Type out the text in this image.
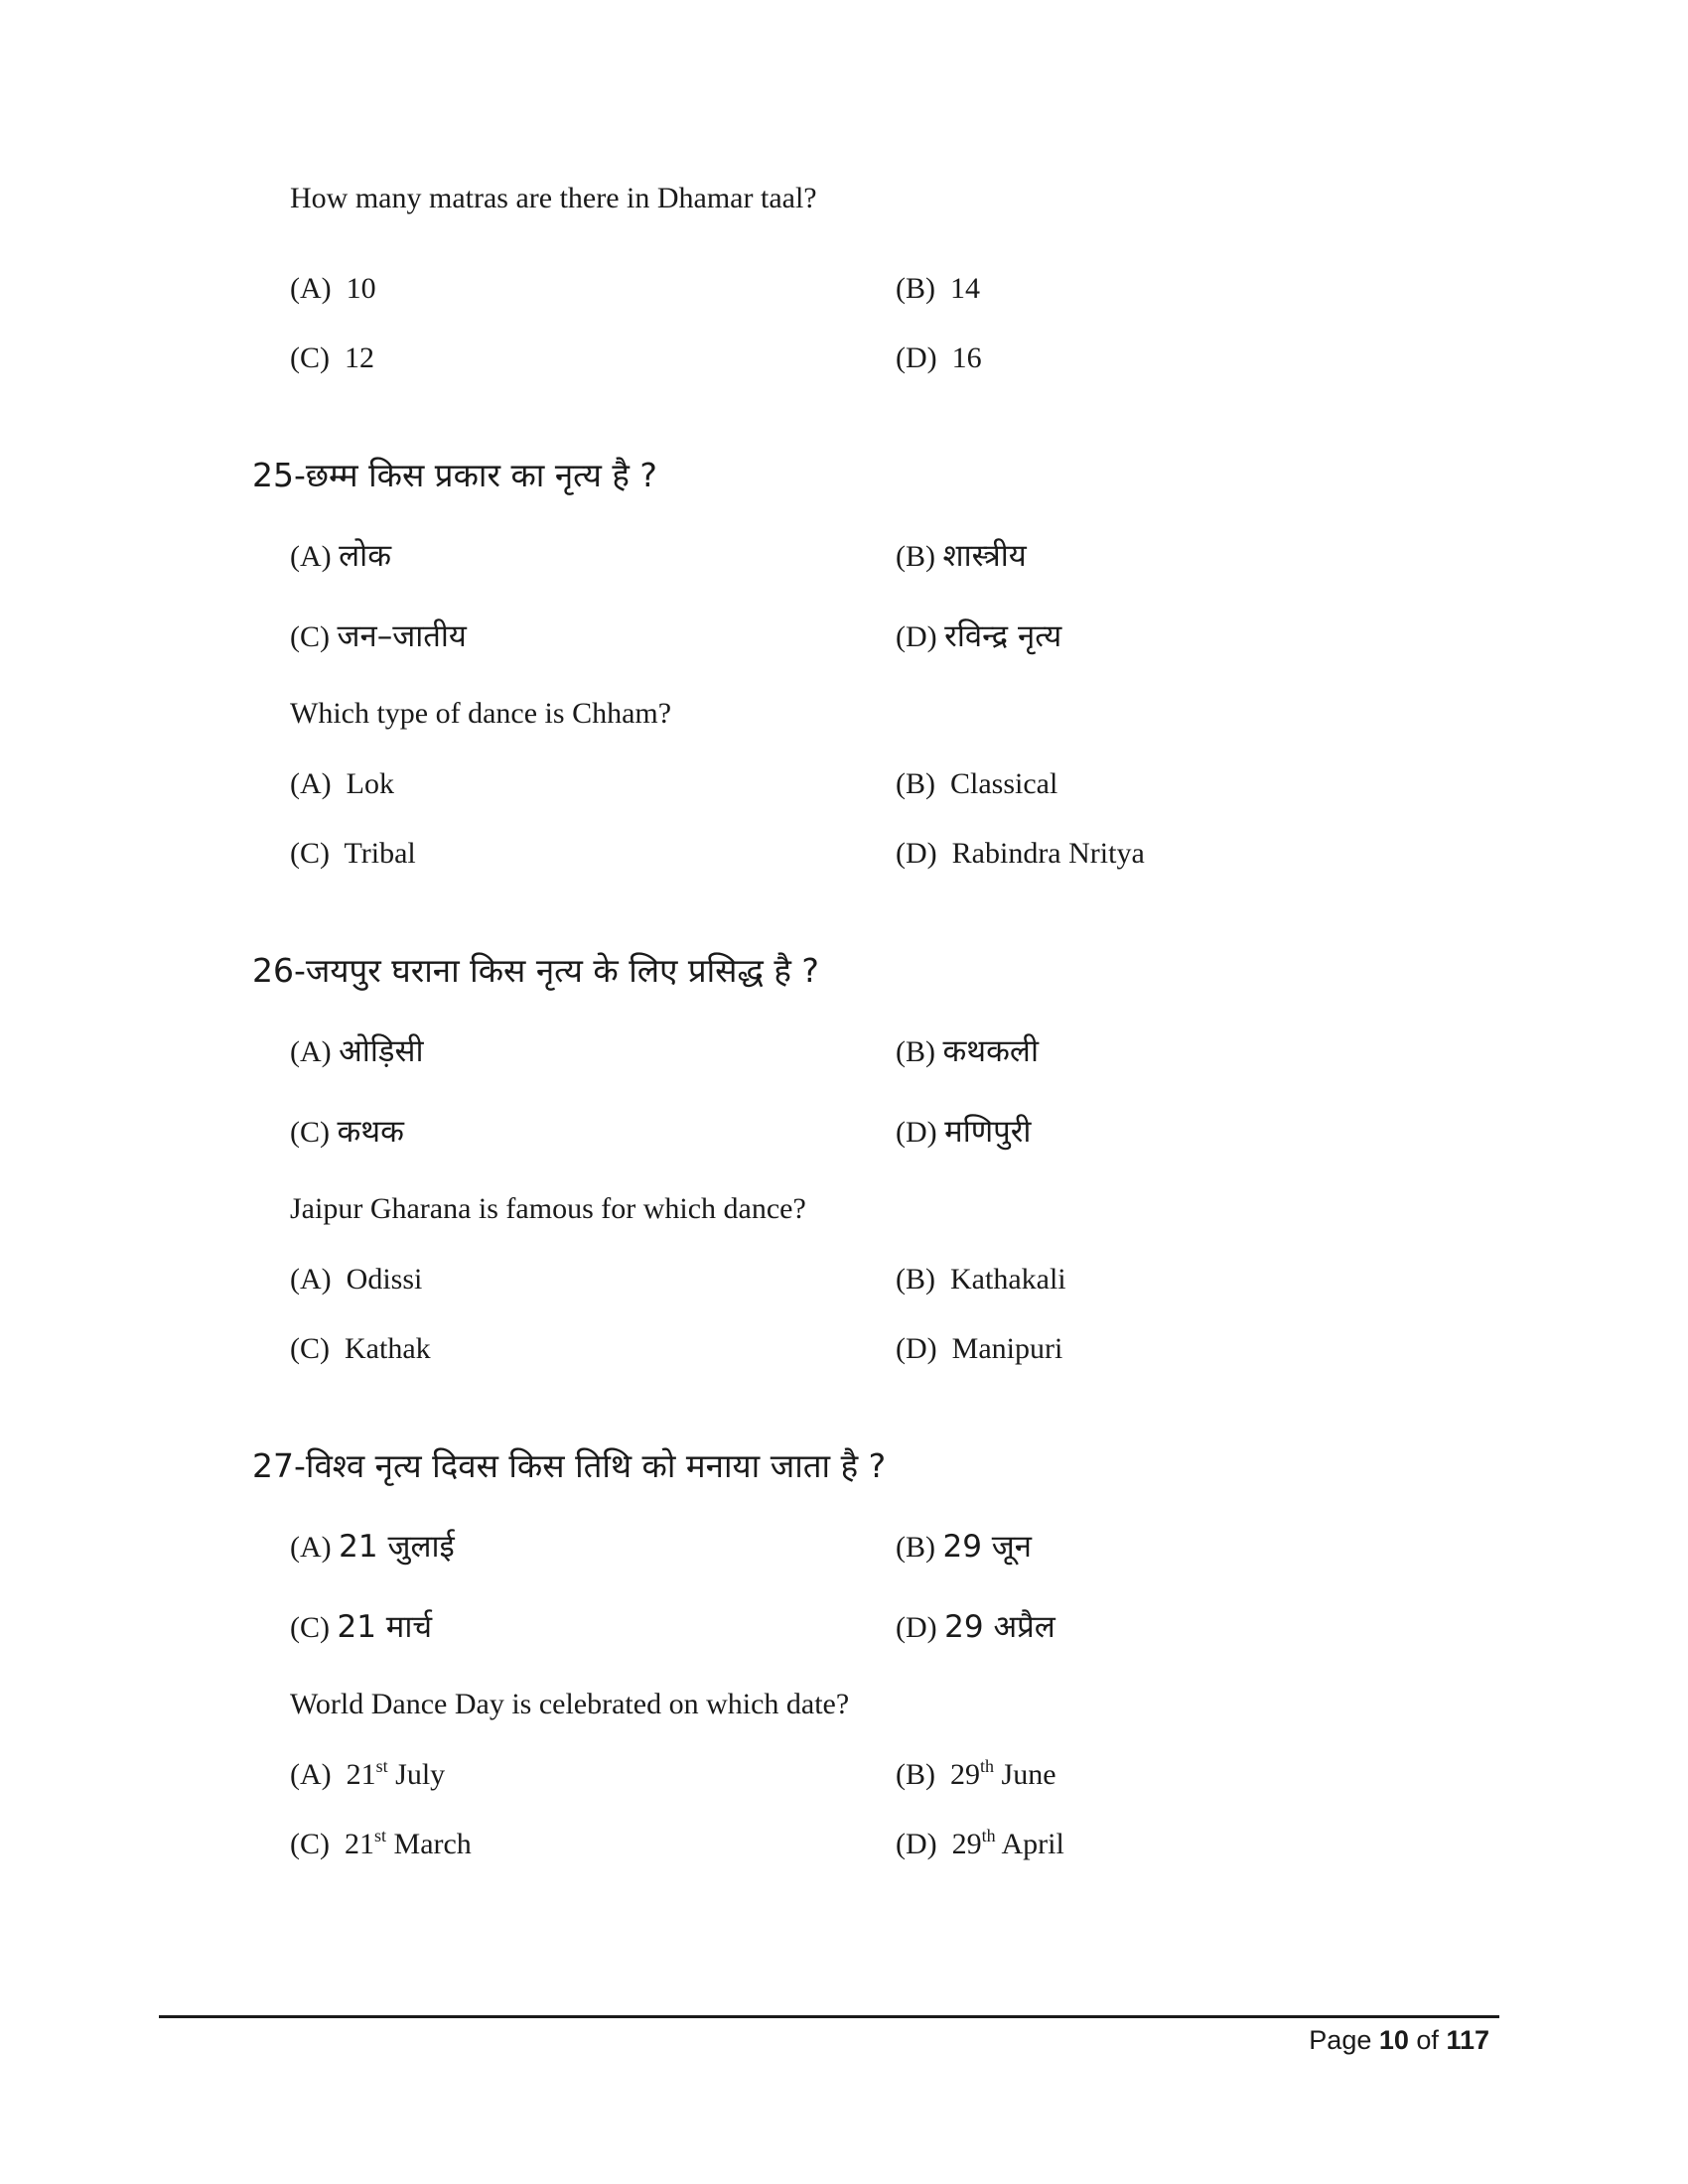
How many matras are there in Dhamar taal?
(A) 10	(B) 14
(C) 12	(D) 16
25-छम्म किस प्रकार का नृत्य है ?
(A) लोक	(B) शास्त्रीय
(C) जन–जातीय	(D) रविन्द्र नृत्य
Which type of dance is Chham?
(A) Lok	(B) Classical
(C) Tribal	(D) Rabindra Nritya
26-जयपुर घराना किस नृत्य के लिए प्रसिद्ध है ?
(A) ओड़िसी	(B) कथकली
(C) कथक	(D) मणिपुरी
Jaipur Gharana is famous for which dance?
(A) Odissi	(B) Kathakali
(C) Kathak	(D) Manipuri
27-विश्व नृत्य दिवस किस तिथि को मनाया जाता है ?
(A) 21 जुलाई	(B) 29 जून
(C) 21 मार्च	(D) 29 अप्रैल
World Dance Day is celebrated on which date?
(A) 21st July	(B) 29th June
(C) 21st March	(D) 29th April
Page 10 of 117
